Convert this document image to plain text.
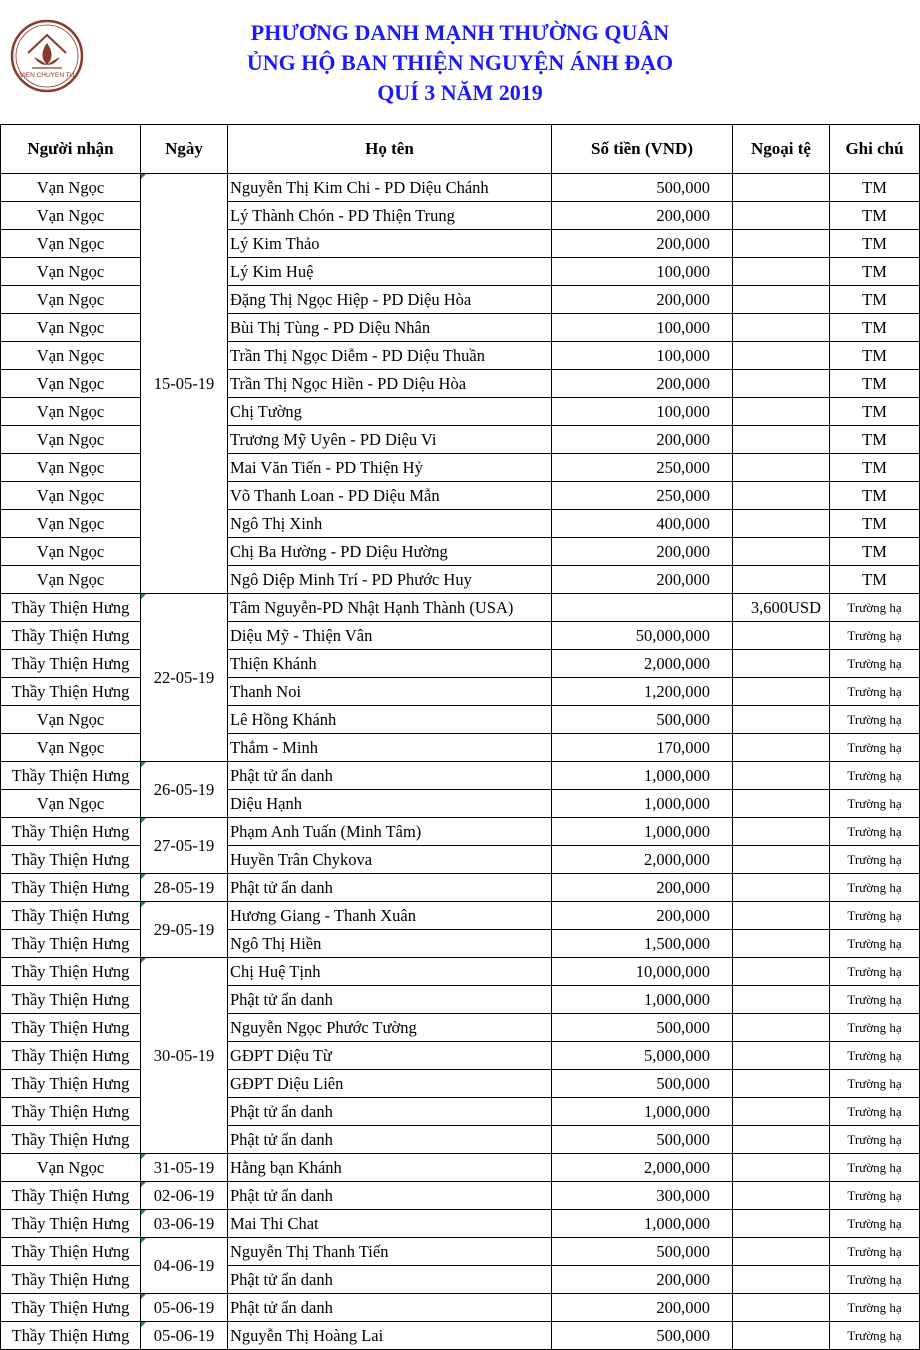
VIEN CHUYEN TU
PHƯƠNG DANH MẠNH THƯỜNG QUÂN
ỦNG HỘ BAN THIỆN NGUYỆN ÁNH ĐẠO
QUÍ 3 NĂM 2019
Người nhận	Ngày	Họ tên	Số tiền (VND)	Ngoại tệ	Ghi chú
Vạn Ngọc	15-05-19	Nguyễn Thị Kim Chi - PD Diệu Chánh	500,000		TM
Vạn Ngọc		Lý Thành Chón - PD Thiện Trung	200,000		TM
Vạn Ngọc		Lý Kim Thảo	200,000		TM
Vạn Ngọc		Lý Kim Huệ	100,000		TM
Vạn Ngọc		Đặng Thị Ngọc Hiệp - PD Diệu Hòa	200,000		TM
Vạn Ngọc		Bùi Thị Tùng - PD Diệu Nhân	100,000		TM
Vạn Ngọc		Trần Thị Ngọc Diễm - PD Diệu Thuần	100,000		TM
Vạn Ngọc		Trần Thị Ngọc Hiền - PD Diệu Hòa	200,000		TM
Vạn Ngọc		Chị Tường	100,000		TM
Vạn Ngọc		Trương Mỹ Uyên - PD Diệu Vi	200,000		TM
Vạn Ngọc		Mai Văn Tiến - PD Thiện Hỷ	250,000		TM
Vạn Ngọc		Võ Thanh Loan - PD Diệu Mẫn	250,000		TM
Vạn Ngọc		Ngô Thị Xinh	400,000		TM
Vạn Ngọc		Chị Ba Hường - PD Diệu Hường	200,000		TM
Vạn Ngọc		Ngô Diệp Minh Trí - PD Phước Huy	200,000		TM
Thầy Thiện Hưng	22-05-19	Tâm Nguyễn-PD Nhật Hạnh Thành (USA)		3,600USD	Trường hạ
Thầy Thiện Hưng		Diệu Mỹ - Thiện Vân	50,000,000		Trường hạ
Thầy Thiện Hưng		Thiện Khánh	2,000,000		Trường hạ
Thầy Thiện Hưng		Thanh Noi	1,200,000		Trường hạ
Vạn Ngọc		Lê Hồng Khánh	500,000		Trường hạ
Vạn Ngọc		Thắm - Minh	170,000		Trường hạ
Thầy Thiện Hưng	26-05-19	Phật tử ẩn danh	1,000,000		Trường hạ
Vạn Ngọc		Diệu Hạnh	1,000,000		Trường hạ
Thầy Thiện Hưng	27-05-19	Phạm Anh Tuấn (Minh Tâm)	1,000,000		Trường hạ
Thầy Thiện Hưng		Huyền Trân Chykova	2,000,000		Trường hạ
Thầy Thiện Hưng	28-05-19	Phật tử ẩn danh	200,000		Trường hạ
Thầy Thiện Hưng	29-05-19	Hương Giang - Thanh Xuân	200,000		Trường hạ
Thầy Thiện Hưng		Ngô Thị Hiền	1,500,000		Trường hạ
Thầy Thiện Hưng	30-05-19	Chị Huệ Tịnh	10,000,000		Trường hạ
Thầy Thiện Hưng		Phật tử ẩn danh	1,000,000		Trường hạ
Thầy Thiện Hưng		Nguyễn Ngọc Phước Tường	500,000		Trường hạ
Thầy Thiện Hưng		GĐPT Diệu Từ	5,000,000		Trường hạ
Thầy Thiện Hưng		GĐPT Diệu Liên	500,000		Trường hạ
Thầy Thiện Hưng		Phật tử ẩn danh	1,000,000		Trường hạ
Thầy Thiện Hưng		Phật tử ẩn danh	500,000		Trường hạ
Vạn Ngọc	31-05-19	Hằng bạn Khánh	2,000,000		Trường hạ
Thầy Thiện Hưng	02-06-19	Phật tử ẩn danh	300,000		Trường hạ
Thầy Thiện Hưng	03-06-19	Mai Thi Chat	1,000,000		Trường hạ
Thầy Thiện Hưng	04-06-19	Nguyễn Thị Thanh Tiến	500,000		Trường hạ
Thầy Thiện Hưng		Phật tử ẩn danh	200,000		Trường hạ
Thầy Thiện Hưng	05-06-19	Phật tử ẩn danh	200,000		Trường hạ
Thầy Thiện Hưng	05-06-19	Nguyễn Thị Hoàng Lai	500,000		Trường hạ
